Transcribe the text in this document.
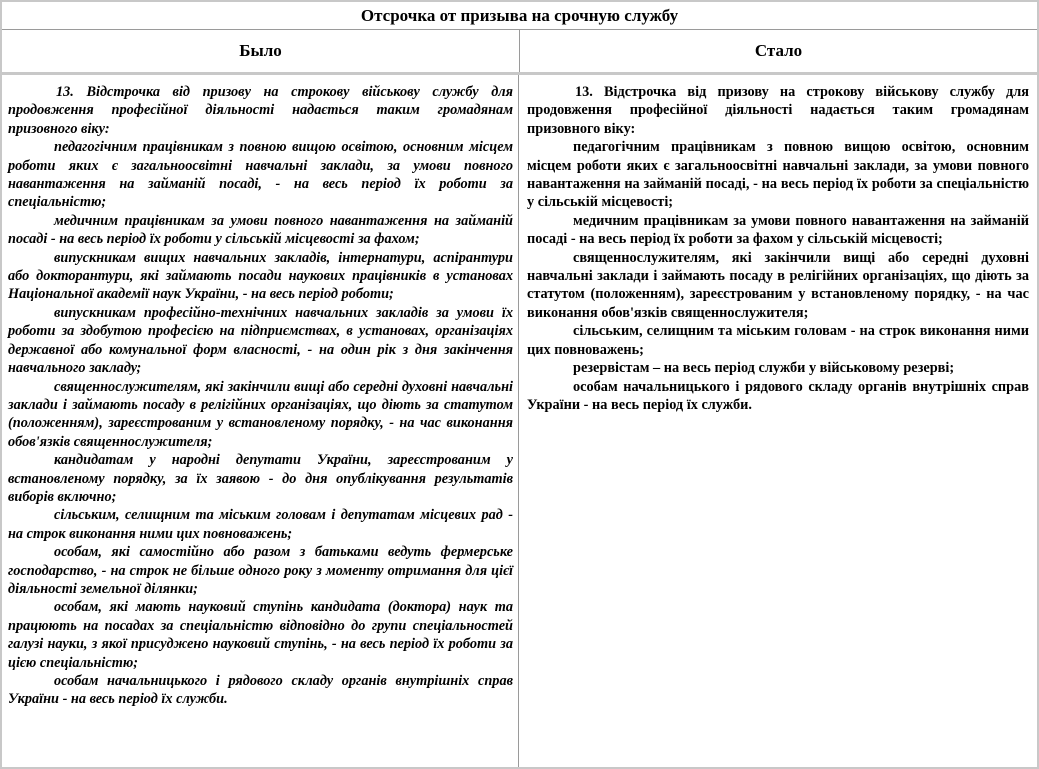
Отсрочка от призыва на срочную службу
Было	Стало

13. Відстрочка від призову на строкову військову службу для продовження професійної діяльності надається таким громадянам призовного віку:

педагогічним працівникам з повною вищою освітою, основним місцем роботи яких є загальноосвітні навчальні заклади, за умови повного навантаження на займаній посаді, - на весь період їх роботи за спеціальністю;

медичним працівникам за умови повного навантаження на займаній посаді - на весь період їх роботи у сільській місцевості за фахом;

випускникам вищих навчальних закладів, інтернатури, аспірантури або докторантури, які займають посади наукових працівників в установах Національної академії наук України, - на весь період роботи;

випускникам професійно-технічних навчальних закладів за умови їх роботи за здобутою професією на підприємствах, в установах, організаціях державної або комунальної форм власності, - на один рік з дня закінчення навчального закладу;

священнослужителям, які закінчили вищі або середні духовні навчальні заклади і займають посаду в релігійних організаціях, що діють за статутом (положенням), зареєстрованим у встановленому порядку, - на час виконання обов'язків священнослужителя;

кандидатам у народні депутати України, зареєстрованим у встановленому порядку, за їх заявою - до дня опублікування результатів виборів включно;

сільським, селищним та міським головам і депутатам місцевих рад - на строк виконання ними цих повноважень;

особам, які самостійно або разом з батьками ведуть фермерське господарство, - на строк не більше одного року з моменту отримання для цієї діяльності земельної ділянки;

особам, які мають науковий ступінь кандидата (доктора) наук та працюють на посадах за спеціальністю відповідно до групи спеціальностей галузі науки, з якої присуджено науковий ступінь, - на весь період їх роботи за цією спеціальністю;

особам начальницького і рядового складу органів внутрішніх справ України - на весь період їх служби.

13. Відстрочка від призову на строкову військову службу для продовження професійної діяльності надається таким громадянам призовного віку:

педагогічним працівникам з повною вищою освітою, основним місцем роботи яких є загальноосвітні навчальні заклади, за умови повного навантаження на займаній посаді, - на весь період їх роботи за спеціальністю у сільській місцевості;

медичним працівникам за умови повного навантаження на займаній посаді - на весь період їх роботи за фахом у сільській місцевості;

священнослужителям, які закінчили вищі або середні духовні навчальні заклади і займають посаду в релігійних організаціях, що діють за статутом (положенням), зареєстрованим у встановленому порядку, - на час виконання обов'язків священнослужителя;

сільським, селищним та міським головам - на строк виконання ними цих повноважень;

резервістам – на весь період служби у військовому резерві;

особам начальницького і рядового складу органів внутрішніх справ України - на весь період їх служби.
